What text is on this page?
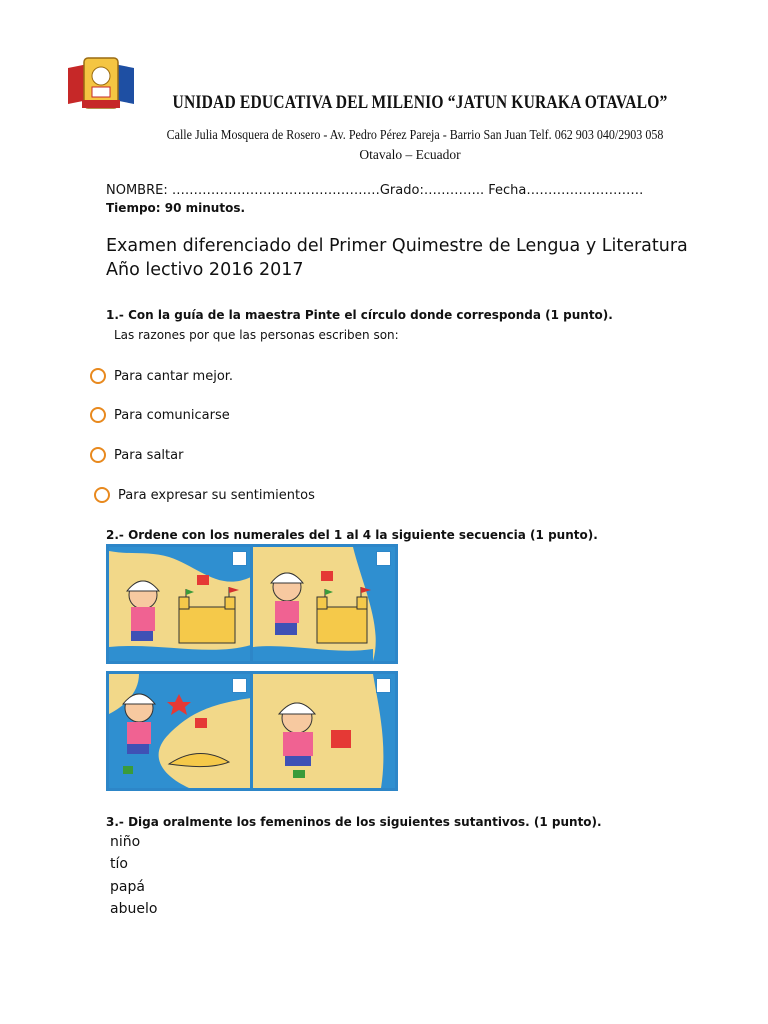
UNIDAD EDUCATIVA DEL MILENIO “JATUN KURAKA OTAVALO”
Calle Julia Mosquera de Rosero - Av. Pedro Pérez Pareja - Barrio San Juan Telf. 062 903 040/2903 058
Otavalo – Ecuador
NOMBRE: …………………………………………Grado:………….. Fecha………………………
Tiempo: 90 minutos.
Examen diferenciado del Primer Quimestre de Lengua y Literatura
Año lectivo 2016 2017
1.- Con la guía de la maestra Pinte el círculo donde corresponda (1 punto).
Las razones por que las personas escriben son:
Para cantar mejor.
Para comunicarse
Para saltar
Para expresar su sentimientos
2.- Ordene con los numerales del 1 al 4 la siguiente secuencia (1 punto).
3.- Diga oralmente los femeninos de los siguientes sutantivos. (1 punto).
niño
tío
papá
abuelo
